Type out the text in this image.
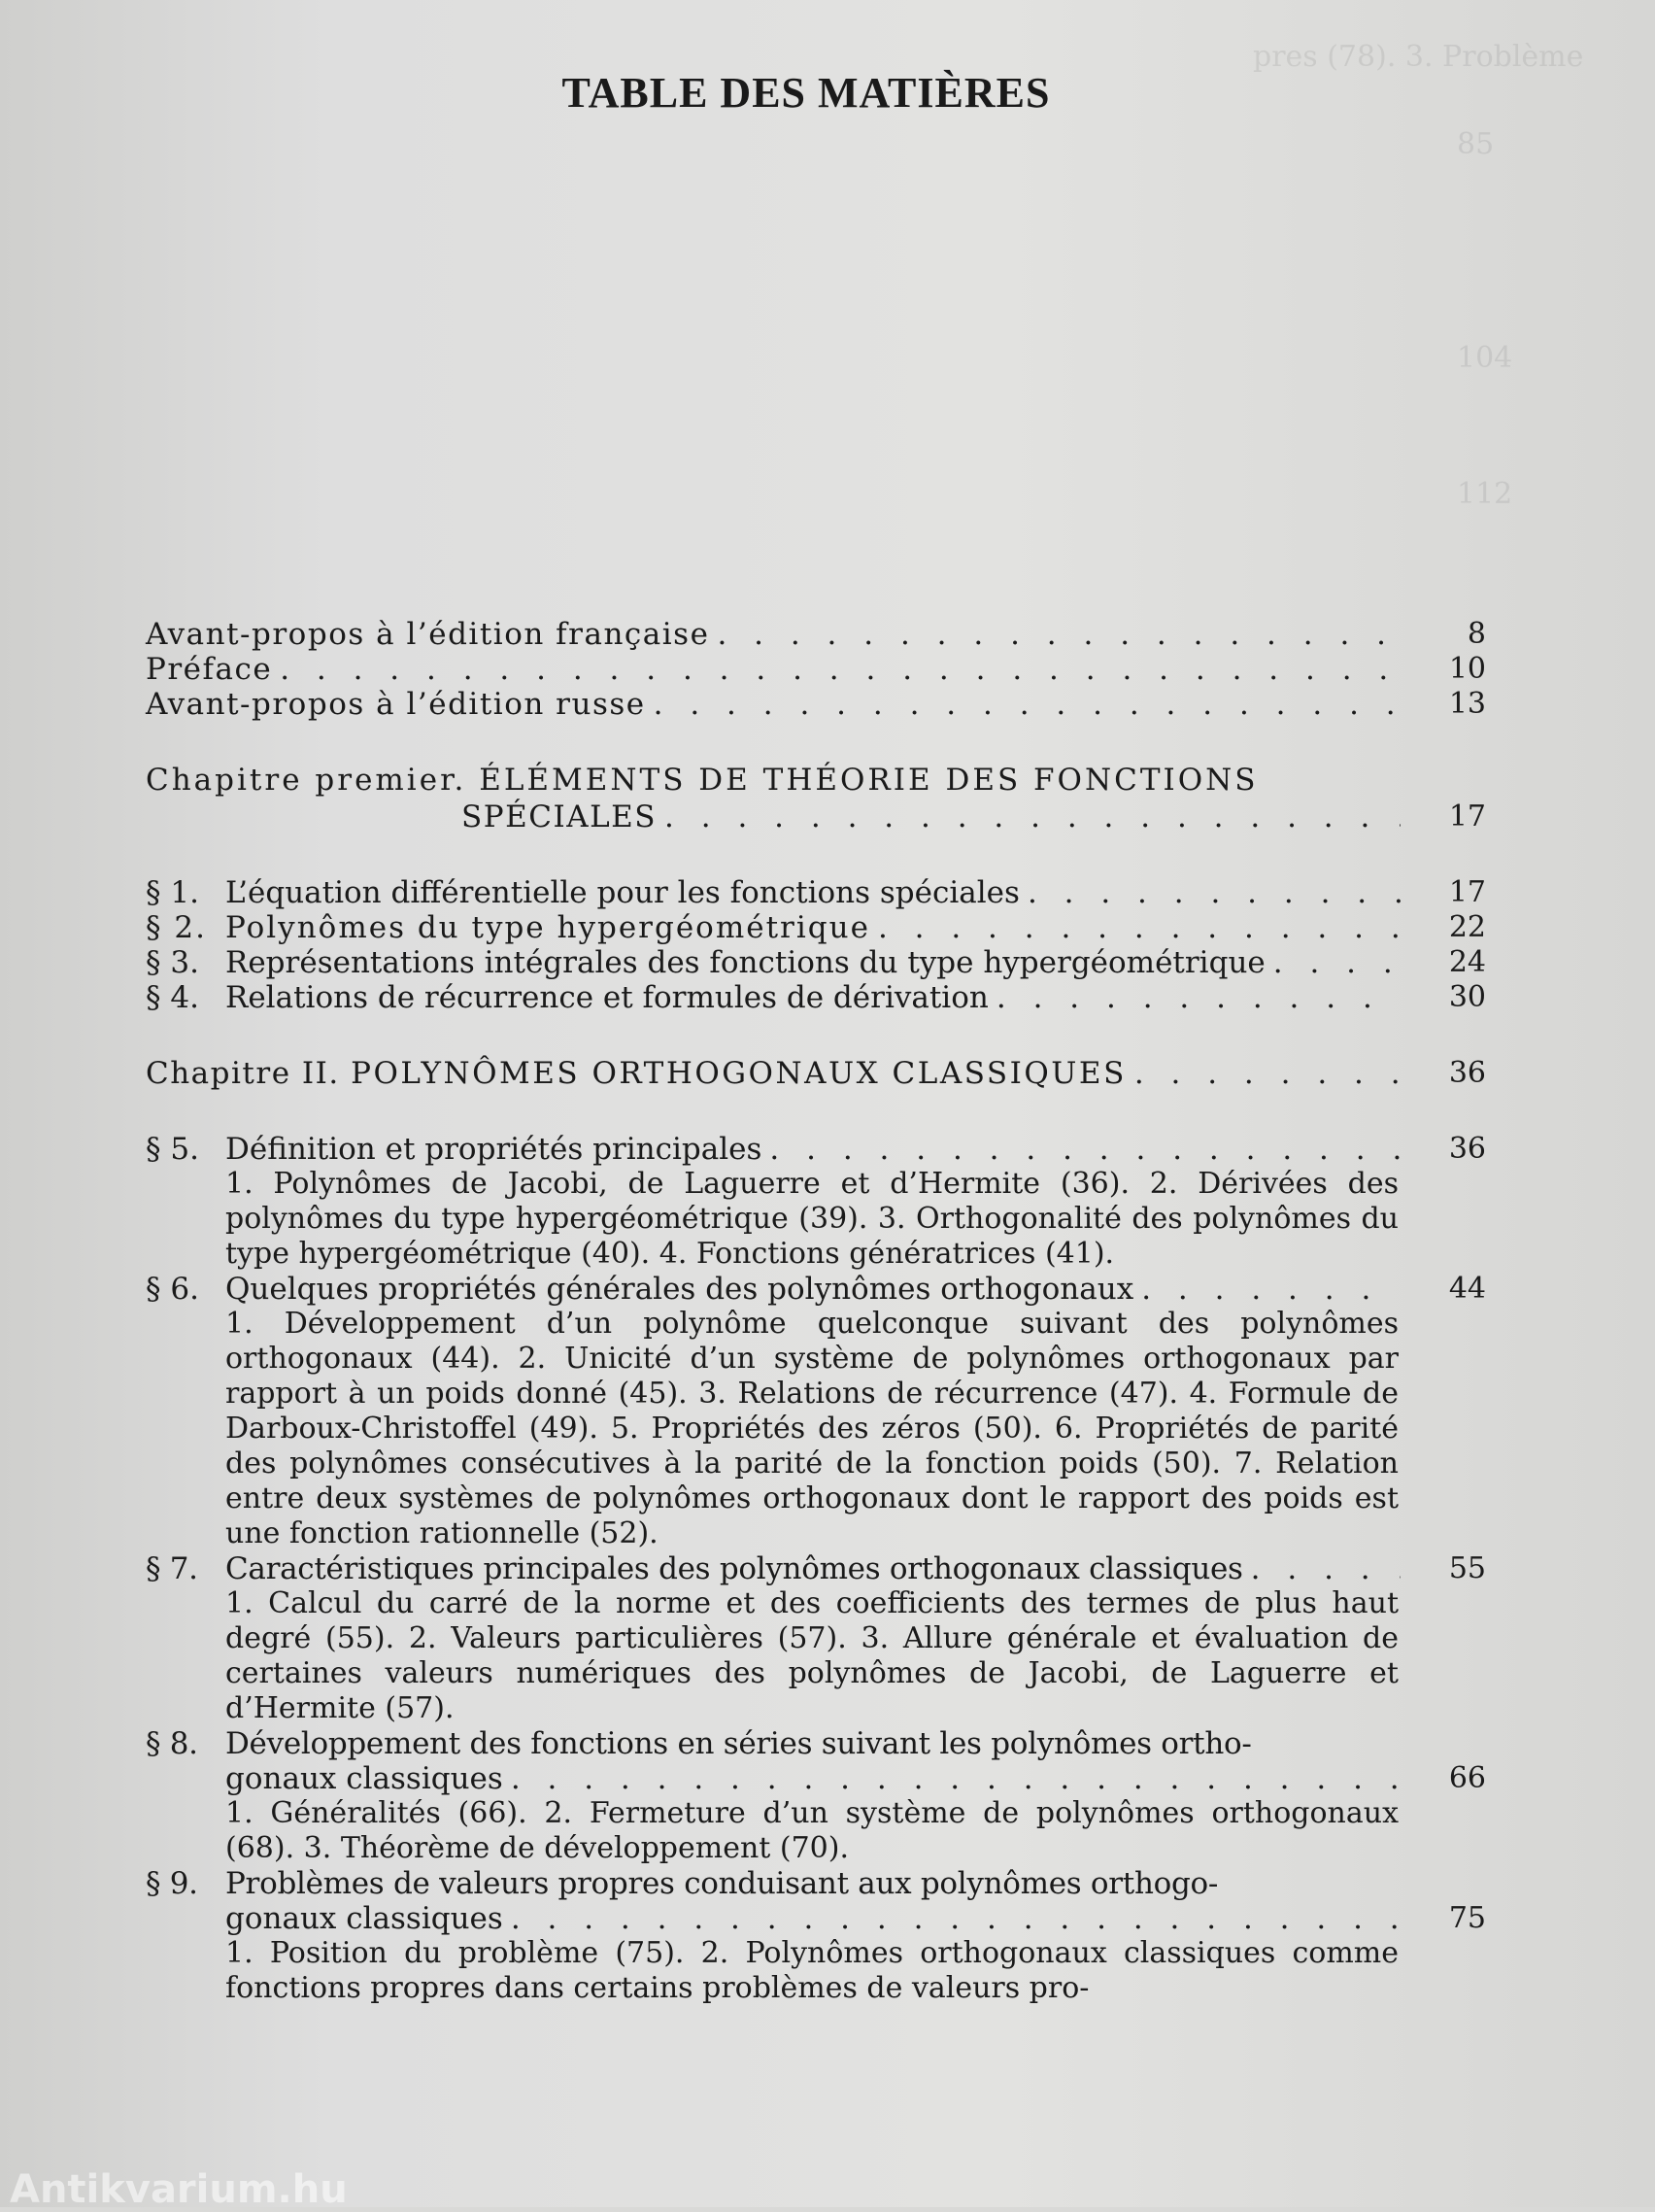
pres (78). 3. Problème
85
104
112
TABLE DES MATIÈRES
Avant-propos à l’édition française . . .	8
Préface . . .	10
Avant-propos à l’édition russe . . .	13
Chapitre premier. ÉLÉMENTS DE THÉORIE DES FONCTIONS
SPÉCIALES . . .	17
§ 1. L’équation différentielle pour les fonctions spéciales . . .	17
§ 2. Polynômes du type hypergéométrique . . .	22
§ 3. Représentations intégrales des fonctions du type hypergéométrique . . .	24
§ 4. Relations de récurrence et formules de dérivation . . .	30
Chapitre II. POLYNÔMES ORTHOGONAUX CLASSIQUES . . .	36
§ 5. Définition et propriétés principales . . .	36
1. Polynômes de Jacobi, de Laguerre et d’Hermite (36). 2. Dérivées des polynômes du type hypergéométrique (39). 3. Orthogonalité des polynômes du type hypergéométrique (40). 4. Fonctions génératrices (41).
§ 6. Quelques propriétés générales des polynômes orthogonaux . . .	44
1. Développement d’un polynôme quelconque suivant des polynômes orthogonaux (44). 2. Unicité d’un système de polynômes orthogonaux par rapport à un poids donné (45). 3. Relations de récurrence (47). 4. Formule de Darboux-Christoffel (49). 5. Propriétés des zéros (50). 6. Propriétés de parité des polynômes consécutives à la parité de la fonction poids (50). 7. Relation entre deux systèmes de polynômes orthogonaux dont le rapport des poids est une fonction rationnelle (52).
§ 7. Caractéristiques principales des polynômes orthogonaux classiques . . .	55
1. Calcul du carré de la norme et des coefficients des termes de plus haut degré (55). 2. Valeurs particulières (57). 3. Allure générale et évaluation de certaines valeurs numériques des polynômes de Jacobi, de Laguerre et d’Hermite (57).
§ 8. Développement des fonctions en séries suivant les polynômes ortho-
gonaux classiques . . .	66
1. Généralités (66). 2. Fermeture d’un système de polynômes orthogonaux (68). 3. Théorème de développement (70).
§ 9. Problèmes de valeurs propres conduisant aux polynômes orthogo-
gonaux classiques . . .	75
1. Position du problème (75). 2. Polynômes orthogonaux classiques comme fonctions propres dans certains problèmes de valeurs pro-
Antikvarium.hu
